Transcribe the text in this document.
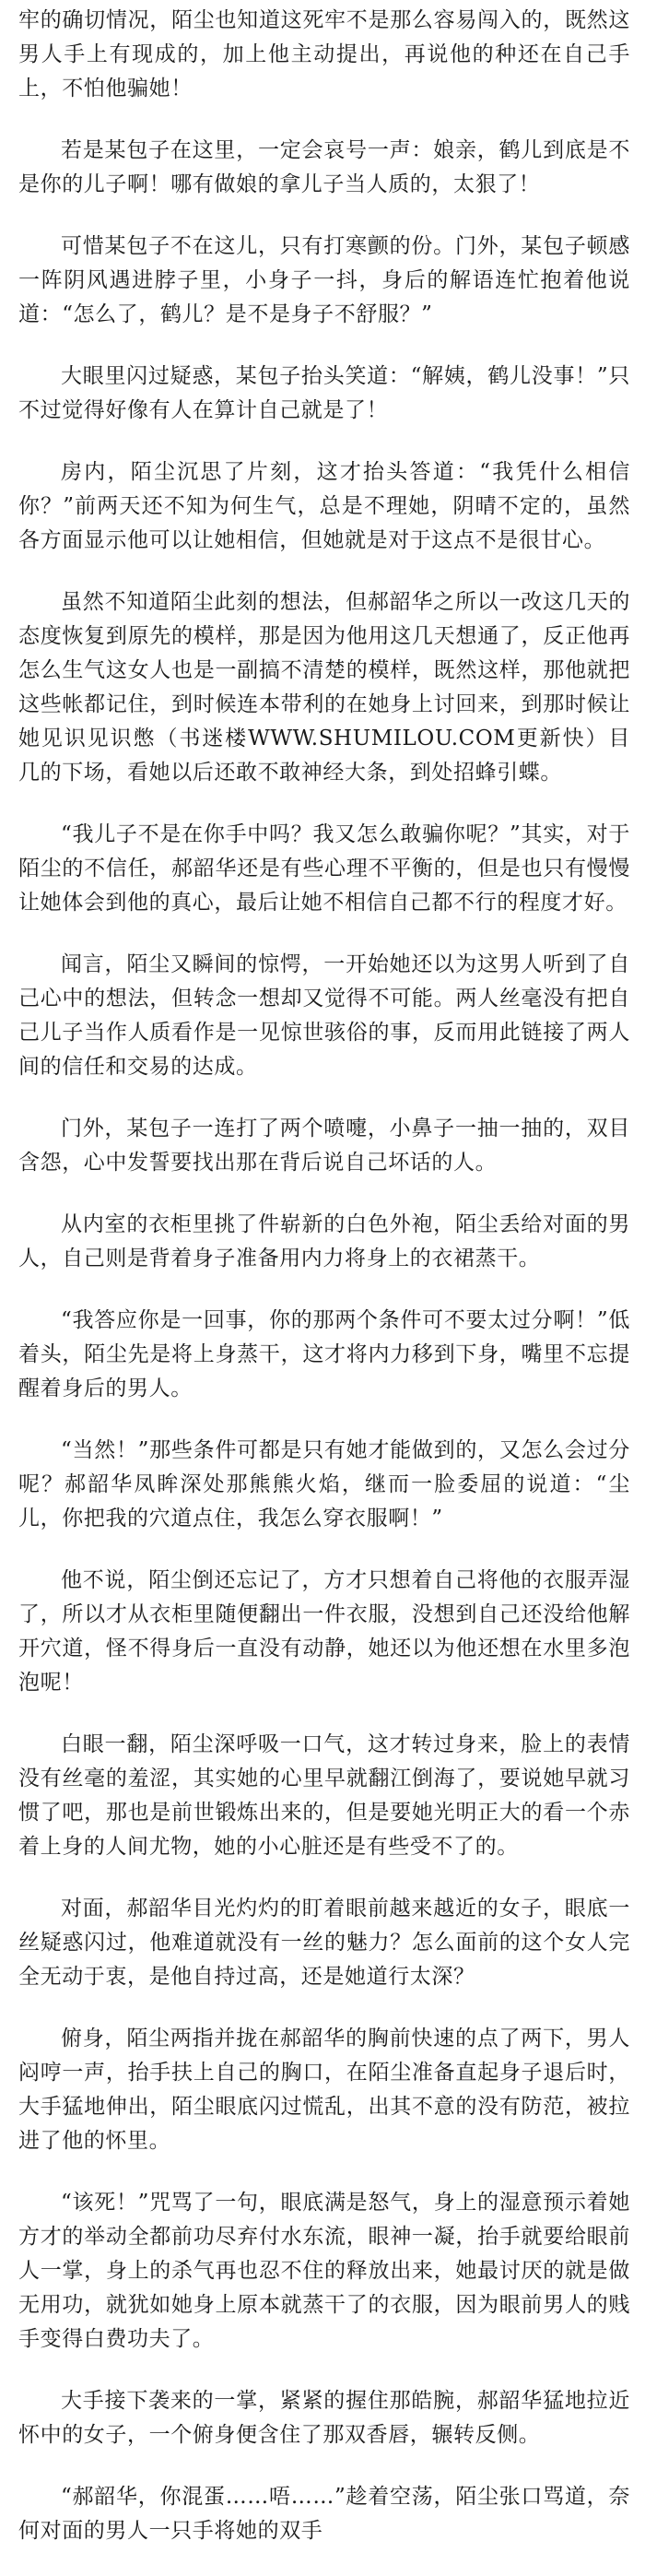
牢的确切情况，陌尘也知道这死牢不是那么容易闯入的，既然这男人手上有现成的，加上他主动提出，再说他的种还在自己手上，不怕他骗她！

若是某包子在这里，一定会哀号一声：娘亲，鹤儿到底是不是你的儿子啊！哪有做娘的拿儿子当人质的，太狠了！

可惜某包子不在这儿，只有打寒颤的份。门外，某包子顿感一阵阴风遇进脖子里，小身子一抖，身后的解语连忙抱着他说道：“怎么了，鹤儿？是不是身子不舒服？”

大眼里闪过疑惑，某包子抬头笑道：“解姨，鹤儿没事！”只不过觉得好像有人在算计自己就是了！

房内，陌尘沉思了片刻，这才抬头答道：“我凭什么相信你？”前两天还不知为何生气，总是不理她，阴晴不定的，虽然各方面显示他可以让她相信，但她就是对于这点不是很甘心。

虽然不知道陌尘此刻的想法，但郝韶华之所以一改这几天的态度恢复到原先的模样，那是因为他用这几天想通了，反正他再怎么生气这女人也是一副搞不清楚的模样，既然这样，那他就把这些帐都记住，到时候连本带利的在她身上讨回来，到那时候让她见识见识憋（书迷楼WWW.SHUMILOU.COM更新快）目几的下场，看她以后还敢不敢神经大条，到处招蜂引蝶。

“我儿子不是在你手中吗？我又怎么敢骗你呢？”其实，对于陌尘的不信任，郝韶华还是有些心理不平衡的，但是也只有慢慢让她体会到他的真心，最后让她不相信自己都不行的程度才好。

闻言，陌尘又瞬间的惊愕，一开始她还以为这男人听到了自己心中的想法，但转念一想却又觉得不可能。两人丝毫没有把自己儿子当作人质看作是一见惊世骇俗的事，反而用此链接了两人间的信任和交易的达成。

门外，某包子一连打了两个喷嚏，小鼻子一抽一抽的，双目含怨，心中发誓要找出那在背后说自己坏话的人。

从内室的衣柜里挑了件崭新的白色外袍，陌尘丢给对面的男人，自己则是背着身子准备用内力将身上的衣裙蒸干。

“我答应你是一回事，你的那两个条件可不要太过分啊！”低着头，陌尘先是将上身蒸干，这才将内力移到下身，嘴里不忘提醒着身后的男人。

“当然！”那些条件可都是只有她才能做到的，又怎么会过分呢？郝韶华凤眸深处那熊熊火焰，继而一脸委屈的说道：“尘儿，你把我的穴道点住，我怎么穿衣服啊！”

他不说，陌尘倒还忘记了，方才只想着自己将他的衣服弄湿了，所以才从衣柜里随便翻出一件衣服，没想到自己还没给他解开穴道，怪不得身后一直没有动静，她还以为他还想在水里多泡泡呢！

白眼一翻，陌尘深呼吸一口气，这才转过身来，脸上的表情没有丝毫的羞涩，其实她的心里早就翻江倒海了，要说她早就习惯了吧，那也是前世锻炼出来的，但是要她光明正大的看一个赤着上身的人间尤物，她的小心脏还是有些受不了的。

对面，郝韶华目光灼灼的盯着眼前越来越近的女子，眼底一丝疑惑闪过，他难道就没有一丝的魅力？怎么面前的这个女人完全无动于衷，是他自持过高，还是她道行太深？

俯身，陌尘两指并拢在郝韶华的胸前快速的点了两下，男人闷哼一声，抬手扶上自己的胸口，在陌尘准备直起身子退后时，大手猛地伸出，陌尘眼底闪过慌乱，出其不意的没有防范，被拉进了他的怀里。

“该死！”咒骂了一句，眼底满是怒气，身上的湿意预示着她方才的举动全都前功尽弃付水东流，眼神一凝，抬手就要给眼前人一掌，身上的杀气再也忍不住的释放出来，她最讨厌的就是做无用功，就犹如她身上原本就蒸干了的衣服，因为眼前男人的贱手变得白费功夫了。

大手接下袭来的一掌，紧紧的握住那皓腕，郝韶华猛地拉近怀中的女子，一个俯身便含住了那双香唇，辗转反侧。

“郝韶华，你混蛋……唔……”趁着空荡，陌尘张口骂道，奈何对面的男人一只手将她的双手
